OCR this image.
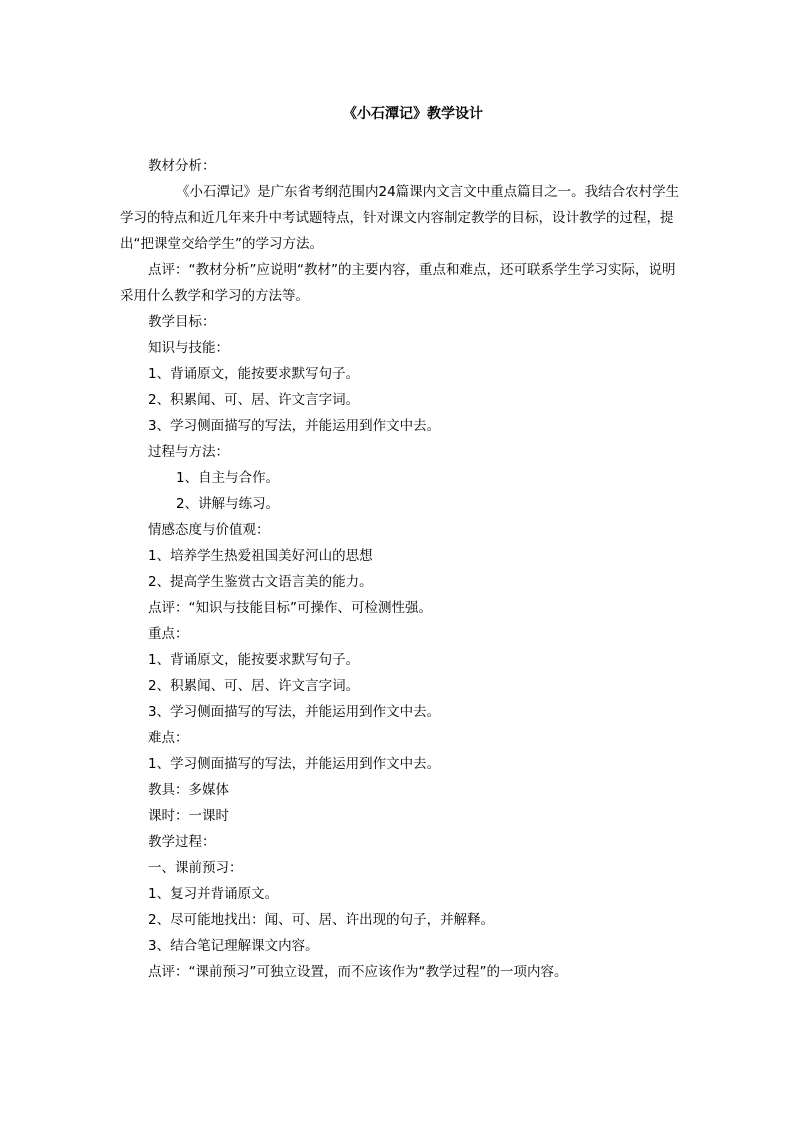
《小石潭记》教学设计

教材分析：

《小石潭记》是广东省考纲范围内24篇课内文言文中重点篇目之一。我结合农村学生学习的特点和近几年来升中考试题特点，针对课文内容制定教学的目标，设计教学的过程，提出“把课堂交给学生”的学习方法。

点评：“教材分析”应说明“教材”的主要内容，重点和难点，还可联系学生学习实际，说明采用什么教学和学习的方法等。

教学目标：

知识与技能：

1、背诵原文，能按要求默写句子。

2、积累闻、可、居、许文言字词。

3、学习侧面描写的写法，并能运用到作文中去。

过程与方法：

1、自主与合作。

2、讲解与练习。

情感态度与价值观：

1、培养学生热爱祖国美好河山的思想

2、提高学生鉴赏古文语言美的能力。

点评：“知识与技能目标”可操作、可检测性强。

重点：

1、背诵原文，能按要求默写句子。

2、积累闻、可、居、许文言字词。

3、学习侧面描写的写法，并能运用到作文中去。

难点：

1、学习侧面描写的写法，并能运用到作文中去。

教具：多媒体

课时：一课时

教学过程：

一、课前预习：

1、复习并背诵原文。

2、尽可能地找出：闻、可、居、许出现的句子，并解释。

3、结合笔记理解课文内容。

点评：“课前预习”可独立设置，而不应该作为“教学过程”的一项内容。
